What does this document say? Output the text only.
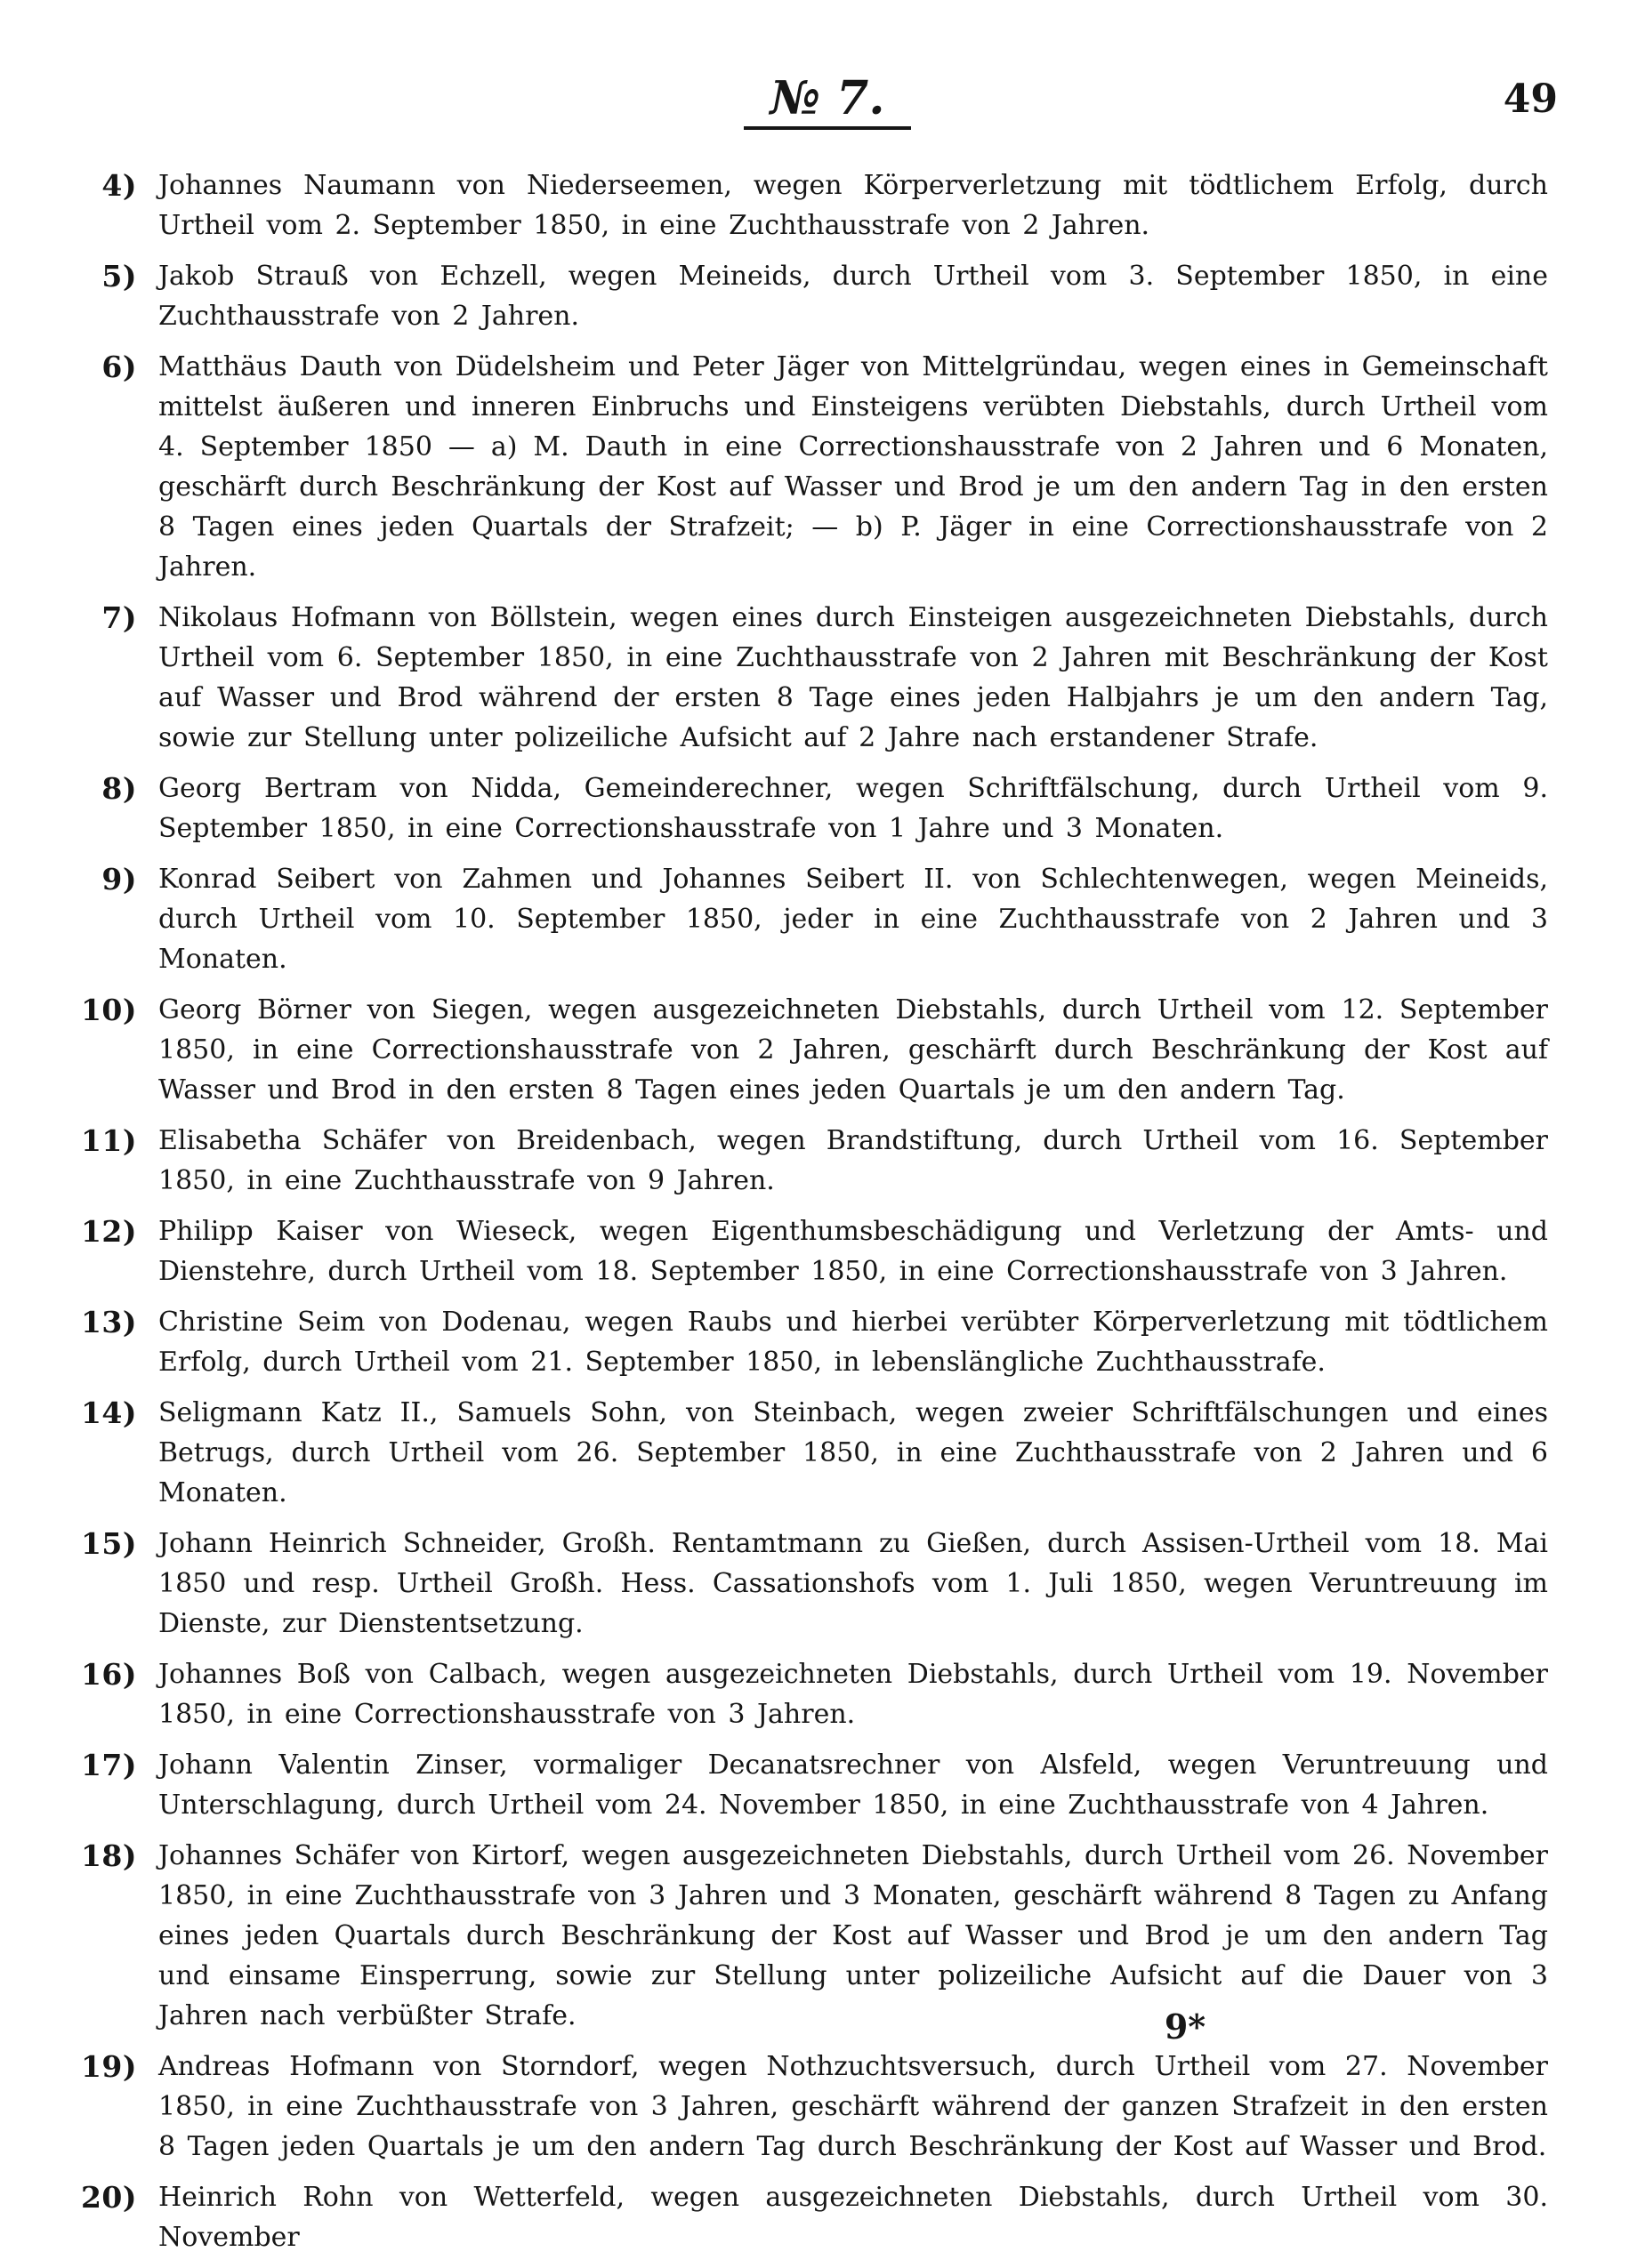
№ 7.	49
4) Johannes Naumann von Niederseemen, wegen Körperverletzung mit tödtlichem Erfolg, durch Urtheil vom 2. September 1850, in eine Zuchthausstrafe von 2 Jahren.
5) Jakob Strauß von Echzell, wegen Meineids, durch Urtheil vom 3. September 1850, in eine Zuchthausstrafe von 2 Jahren.
6) Matthäus Dauth von Düdelsheim und Peter Jäger von Mittelgründau, wegen eines in Gemeinschaft mittelst äußeren und inneren Einbruchs und Einsteigens verübten Diebstahls, durch Urtheil vom 4. September 1850 — a) M. Dauth in eine Correctionshausstrafe von 2 Jahren und 6 Monaten, geschärft durch Beschränkung der Kost auf Wasser und Brod je um den andern Tag in den ersten 8 Tagen eines jeden Quartals der Strafzeit; — b) P. Jäger in eine Correctionshausstrafe von 2 Jahren.
7) Nikolaus Hofmann von Böllstein, wegen eines durch Einsteigen ausgezeichneten Diebstahls, durch Urtheil vom 6. September 1850, in eine Zuchthausstrafe von 2 Jahren mit Beschränkung der Kost auf Wasser und Brod während der ersten 8 Tage eines jeden Halbjahrs je um den andern Tag, sowie zur Stellung unter polizeiliche Aufsicht auf 2 Jahre nach erstandener Strafe.
8) Georg Bertram von Nidda, Gemeinderechner, wegen Schriftfälschung, durch Urtheil vom 9. September 1850, in eine Correctionshausstrafe von 1 Jahre und 3 Monaten.
9) Konrad Seibert von Zahmen und Johannes Seibert II. von Schlechtenwegen, wegen Meineids, durch Urtheil vom 10. September 1850, jeder in eine Zuchthausstrafe von 2 Jahren und 3 Monaten.
10) Georg Börner von Siegen, wegen ausgezeichneten Diebstahls, durch Urtheil vom 12. September 1850, in eine Correctionshausstrafe von 2 Jahren, geschärft durch Beschränkung der Kost auf Wasser und Brod in den ersten 8 Tagen eines jeden Quartals je um den andern Tag.
11) Elisabetha Schäfer von Breidenbach, wegen Brandstiftung, durch Urtheil vom 16. September 1850, in eine Zuchthausstrafe von 9 Jahren.
12) Philipp Kaiser von Wieseck, wegen Eigenthumsbeschädigung und Verletzung der Amts- und Dienstehre, durch Urtheil vom 18. September 1850, in eine Correctionshausstrafe von 3 Jahren.
13) Christine Seim von Dodenau, wegen Raubs und hierbei verübter Körperverletzung mit tödtlichem Erfolg, durch Urtheil vom 21. September 1850, in lebenslängliche Zuchthausstrafe.
14) Seligmann Katz II., Samuels Sohn, von Steinbach, wegen zweier Schriftfälschungen und eines Betrugs, durch Urtheil vom 26. September 1850, in eine Zuchthausstrafe von 2 Jahren und 6 Monaten.
15) Johann Heinrich Schneider, Großh. Rentamtmann zu Gießen, durch Assisen-Urtheil vom 18. Mai 1850 und resp. Urtheil Großh. Hess. Cassationshofs vom 1. Juli 1850, wegen Veruntreuung im Dienste, zur Dienstentsetzung.
16) Johannes Boß von Calbach, wegen ausgezeichneten Diebstahls, durch Urtheil vom 19. November 1850, in eine Correctionshausstrafe von 3 Jahren.
17) Johann Valentin Zinser, vormaliger Decanatsrechner von Alsfeld, wegen Veruntreuung und Unterschlagung, durch Urtheil vom 24. November 1850, in eine Zuchthausstrafe von 4 Jahren.
18) Johannes Schäfer von Kirtorf, wegen ausgezeichneten Diebstahls, durch Urtheil vom 26. November 1850, in eine Zuchthausstrafe von 3 Jahren und 3 Monaten, geschärft während 8 Tagen zu Anfang eines jeden Quartals durch Beschränkung der Kost auf Wasser und Brod je um den andern Tag und einsame Einsperrung, sowie zur Stellung unter polizeiliche Aufsicht auf die Dauer von 3 Jahren nach verbüßter Strafe.
19) Andreas Hofmann von Storndorf, wegen Nothzuchtsversuch, durch Urtheil vom 27. November 1850, in eine Zuchthausstrafe von 3 Jahren, geschärft während der ganzen Strafzeit in den ersten 8 Tagen jeden Quartals je um den andern Tag durch Beschränkung der Kost auf Wasser und Brod.
20) Heinrich Rohn von Wetterfeld, wegen ausgezeichneten Diebstahls, durch Urtheil vom 30. November
9*
